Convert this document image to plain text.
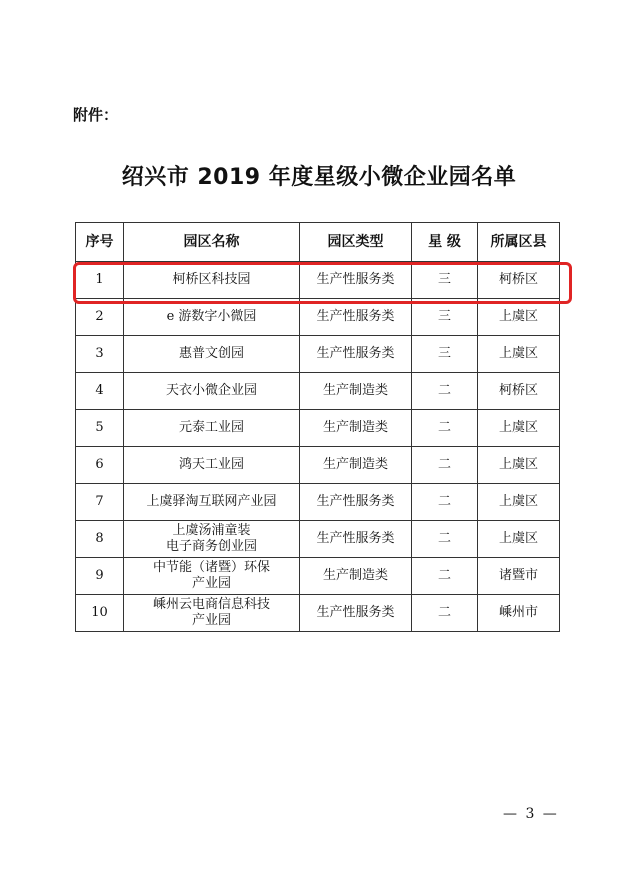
附件：
绍兴市 2019 年度星级小微企业园名单
序号	园区名称	园区类型	星 级	所属区县
1	柯桥区科技园	生产性服务类	三	柯桥区
2	e 游数字小微园	生产性服务类	三	上虞区
3	惠普文创园	生产性服务类	三	上虞区
4	天衣小微企业园	生产制造类	二	柯桥区
5	元泰工业园	生产制造类	二	上虞区
6	鸿天工业园	生产制造类	二	上虞区
7	上虞驿淘互联网产业园	生产性服务类	二	上虞区
8	上虞汤浦童装
电子商务创业园	生产性服务类	二	上虞区
9	中节能（诸暨）环保
产业园	生产制造类	二	诸暨市
10	嵊州云电商信息科技
产业园	生产性服务类	二	嵊州市
— 3 —
